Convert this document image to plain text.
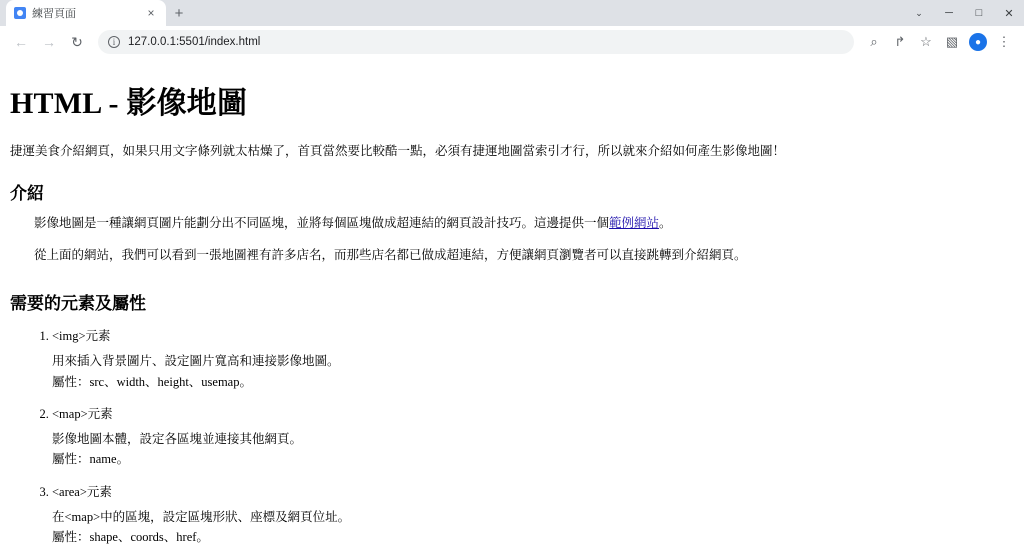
練習頁面	×	+	⌄	─	□	✕
←	→	↻	i	127.0.0.1:5501/index.html	⌕	↱	☆	▧	●	⋮
HTML - 影像地圖

捷運美食介紹網頁，如果只用文字條列就太枯燥了，首頁當然要比較酷一點，必須有捷運地圖當索引才行，所以就來介紹如何產生影像地圖！

介紹

影像地圖是一種讓網頁圖片能劃分出不同區塊，並將每個區塊做成超連結的網頁設計技巧。這邊提供一個範例網站。

從上面的網站，我們可以看到一張地圖裡有許多店名，而那些店名都已做成超連結，方便讓網頁瀏覽者可以直接跳轉到介紹網頁。

需要的元素及屬性
1. <img>元素
用來插入背景圖片、設定圖片寬高和連接影像地圖。
屬性：src、width、height、usemap。
2. <map>元素
影像地圖本體，設定各區塊並連接其他網頁。
屬性：name。
3. <area>元素
在<map>中的區塊，設定區塊形狀、座標及網頁位址。
屬性：shape、coords、href。
